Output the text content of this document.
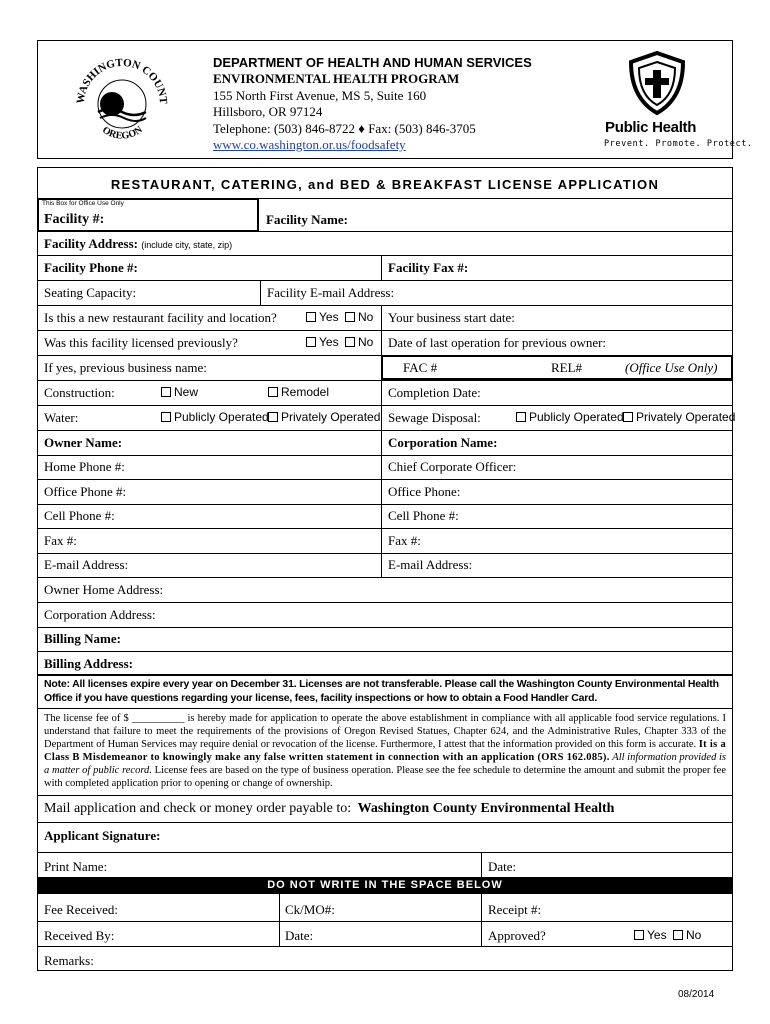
WASHINGTON COUNT
OREGON
DEPARTMENT OF HEALTH AND HUMAN SERVICES
ENVIRONMENTAL HEALTH PROGRAM
155 North First Avenue, MS 5, Suite 160
Hillsboro, OR 97124
Telephone: (503) 846-8722 ♦ Fax: (503) 846-3705
www.co.washington.or.us/foodsafety
Public Health
Prevent. Promote. Protect.
RESTAURANT, CATERING, and BED & BREAKFAST LICENSE APPLICATION
This Box for Office Use Only
Facility #:	Facility Name:
Facility Address: (include city, state, zip)
Facility Phone #:	Facility Fax #:
Seating Capacity:	Facility E-mail Address:
Is this a new restaurant facility and location?	Yes	No Your business start date:
Was this facility licensed previously?	Yes	No Date of last operation for previous owner:
If yes, previous business name:	FAC #	REL#	(Office Use Only)
Construction:	New	Remodel	Completion Date:
Water:	Publicly Operated	Privately Operated Sewage Disposal:	Publicly Operated	Privately Operated
Owner Name:	Corporation Name:
Home Phone #:	Chief Corporate Officer:
Office Phone #:	Office Phone:
Cell Phone #:	Cell Phone #:
Fax #:	Fax #:
E-mail Address:	E-mail Address:
Owner Home Address:
Corporation Address:
Billing Name:
Billing Address:
Note: All licenses expire every year on December 31. Licenses are not transferable. Please call the Washington County Environmental Health Office if you have questions regarding your license, fees, facility inspections or how to obtain a Food Handler Card.
The license fee of $ __________ is hereby made for application to operate the above establishment in compliance with all applicable food service regulations. I understand that failure to meet the requirements of the provisions of Oregon Revised Statues, Chapter 624, and the Administrative Rules, Chapter 333 of the Department of Human Services may require denial or revocation of the license. Furthermore, I attest that the information provided on this form is accurate. It is a Class B Misdemeanor to knowingly make any false written statement in connection with an application (ORS 162.085). All information provided is a matter of public record. License fees are based on the type of business operation. Please see the fee schedule to determine the amount and submit the proper fee with completed application prior to opening or change of ownership.
Mail application and check or money order payable to: Washington County Environmental Health
Applicant Signature:
Print Name:	Date:
DO NOT WRITE IN THE SPACE BELOW
Fee Received:	Ck/MO#:	Receipt #:
Received By:	Date:	Approved?	Yes	No
Remarks:
08/2014
